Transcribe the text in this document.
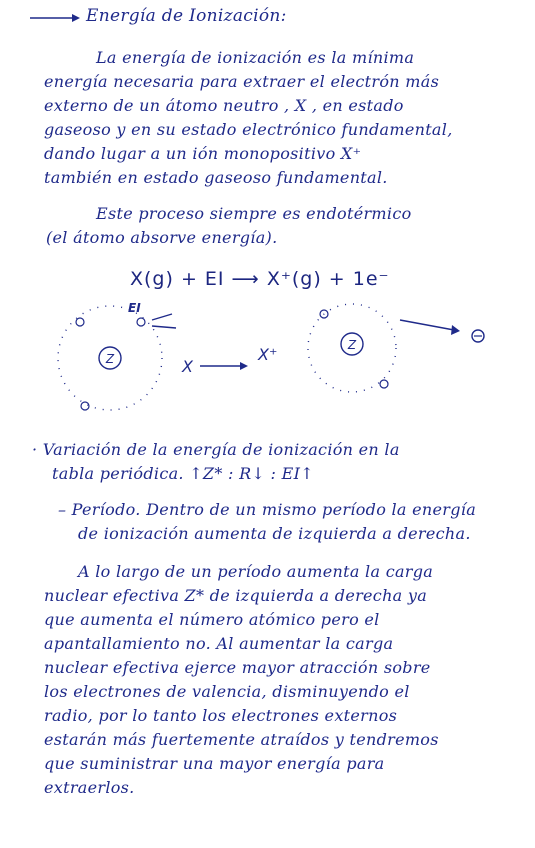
Energía de Ionización:
La energía de ionización es la mínima
energía necesaria para extraer el electrón más
externo de un átomo neutro , X , en estado
gaseoso y en su estado electrónico fundamental,
dando lugar a un ión monopositivo X⁺
también en estado gaseoso fundamental.
Este proceso siempre es endotérmico
(el átomo absorve energía).
X(g) + EI ⟶ X⁺(g) + 1e⁻
Z
EI
X
X⁺	Z
· Variación de la energía de ionización en la
tabla periódica. ↑Z* : R↓ : EI↑
– Período. Dentro de un mismo período la energía
de ionización aumenta de izquierda a derecha.
A lo largo de un período aumenta la carga
nuclear efectiva Z* de izquierda a derecha ya
que aumenta el número atómico pero el
apantallamiento no. Al aumentar la carga
nuclear efectiva ejerce mayor atracción sobre
los electrones de valencia, disminuyendo el
radio, por lo tanto los electrones externos
estarán más fuertemente atraídos y tendremos
que suministrar una mayor energía para
extraerlos.
